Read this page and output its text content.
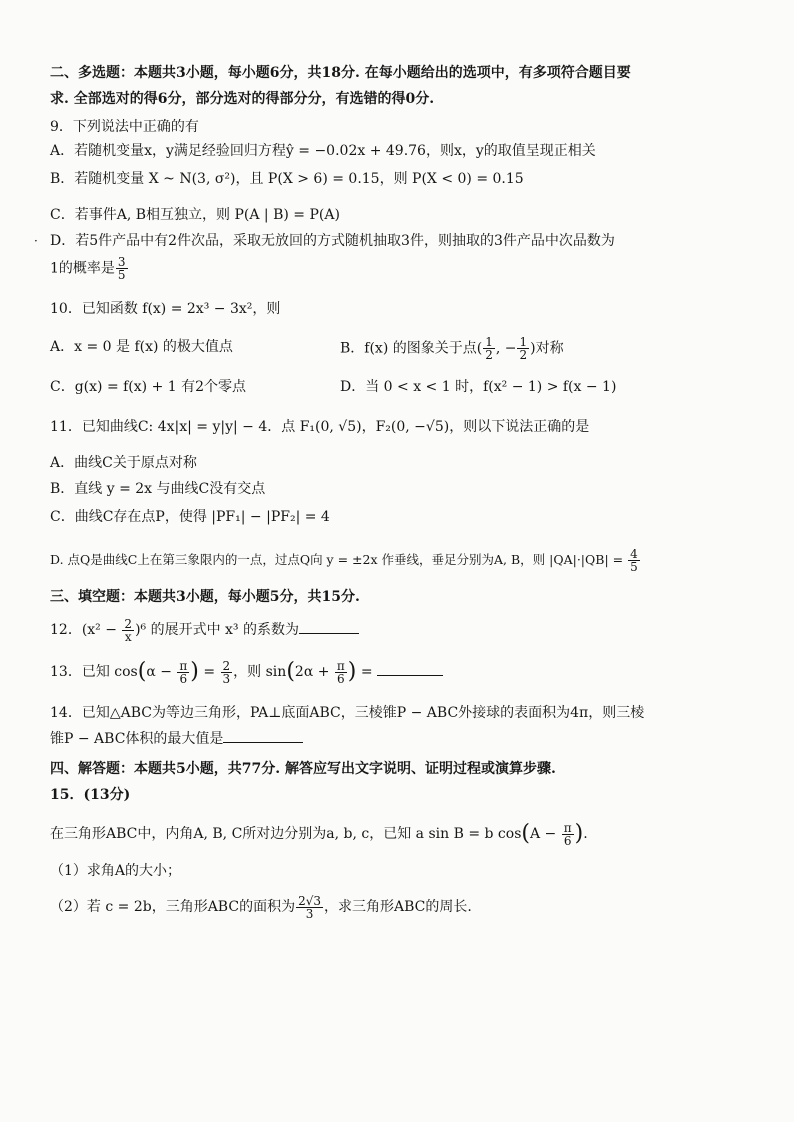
二、多选题：本题共3小题，每小题6分，共18分. 在每小题给出的选项中，有多项符合题目要
求. 全部选对的得6分，部分选对的得部分分，有选错的得0分.
9．下列说法中正确的有
A．若随机变量x，y满足经验回归方程ŷ = −0.02x + 49.76，则x，y的取值呈现正相关
B．若随机变量 X ~ N(3, σ²)，且 P(X > 6) = 0.15，则 P(X < 0) = 0.15
C．若事件A, B相互独立，则 P(A | B) = P(A)
· D．若5件产品中有2件次品，采取无放回的方式随机抽取3件，则抽取的3件产品中次品数为
1的概率是 $\frac{3}{5}$
10．已知函数 f(x) = 2x³ − 3x²，则
A．x = 0 是 f(x) 的极大值点	B．f(x) 的图象关于点( $\frac{1}{2}$ , − $\frac{1}{2}$ )对称
C．g(x) = f(x) + 1 有2个零点	D．当 0 < x < 1 时，f(x² − 1) > f(x − 1)
11．已知曲线C: 4x|x| = y|y| − 4．点 F₁(0, √5)，F₂(0, −√5)，则以下说法正确的是
A．曲线C关于原点对称
B．直线 y = 2x 与曲线C没有交点
C．曲线C存在点P，使得 |PF₁| − |PF₂| = 4
D. 点Q是曲线C上在第三象限内的一点，过点Q向 y = ±2x 作垂线，垂足分别为A, B，则 $|QA|\cdot|QB| = \frac{4}{5}$
三、填空题：本题共3小题，每小题5分，共15分.
12．$(x^2 - \frac{2}{x} )^6$ 的展开式中 x³ 的系数为
13．已知 $\cos(\alpha - \frac{\pi}{6}$ ) = $\frac{2}{3}$ ，则 $\sin(2\alpha + \frac{\pi}{6}$ ) =
14．已知△ABC为等边三角形，PA⊥底面ABC，三棱锥P − ABC外接球的表面积为4π，则三棱
锥P − ABC体积的最大值是
四、解答题：本题共5小题，共77分. 解答应写出文字说明、证明过程或演算步骤.
15．(13分)
在三角形ABC中，内角A, B, C所对边分别为a, b, c，已知 a sin B = b $\cos(A - \frac{\pi}{6}$ ).
（1）求角A的大小；
（2）若 c = 2b，三角形ABC的面积为 $\frac{2√3}{3}$ ，求三角形ABC的周长.
